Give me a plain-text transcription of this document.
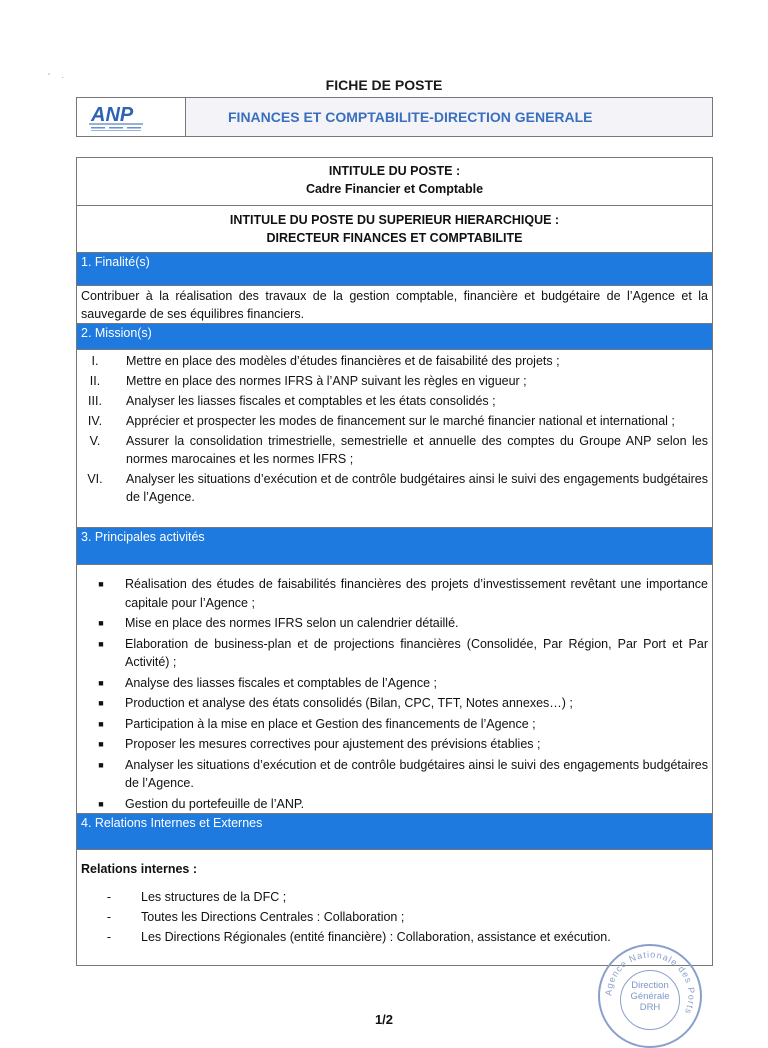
'    ·	FICHE DE POSTE
ANP	FINANCES ET COMPTABILITE-DIRECTION GENERALE
INTITULE DU POSTE :
Cadre Financier et Comptable
INTITULE DU POSTE DU SUPERIEUR HIERARCHIQUE :
DIRECTEUR FINANCES ET COMPTABILITE
1. Finalité(s)
Contribuer à la réalisation des travaux de la gestion comptable, financière et budgétaire de l’Agence et la sauvegarde de ses équilibres financiers.
2. Mission(s)
I.	Mettre en place des modèles d’études financières et de faisabilité des projets ;
II.	Mettre en place des normes IFRS à l’ANP suivant les règles en vigueur ;
III.	Analyser les liasses fiscales et comptables et les états consolidés ;
IV.	Apprécier et prospecter les modes de financement sur le marché financier national et international ;
V.	Assurer la consolidation trimestrielle, semestrielle et annuelle des comptes du Groupe ANP selon les normes marocaines et les normes IFRS ;
VI.	Analyser les situations d’exécution et de contrôle budgétaires ainsi le suivi des engagements budgétaires de l’Agence.
3. Principales activités
■	Réalisation des études de faisabilités financières des projets d’investissement revêtant une importance capitale pour l’Agence ;
■	Mise en place des normes IFRS selon un calendrier détaillé.
■	Elaboration de business-plan et de projections financières (Consolidée, Par Région, Par Port et Par Activité) ;
■	Analyse des liasses fiscales et comptables de l’Agence ;
■	Production et analyse des états consolidés (Bilan, CPC, TFT, Notes annexes…) ;
■	Participation à la mise en place et Gestion des financements de l’Agence ;
■	Proposer les mesures correctives pour ajustement des prévisions établies ;
■	Analyser les situations d’exécution et de contrôle budgétaires ainsi le suivi des engagements budgétaires de l’Agence.
■	Gestion du portefeuille de l’ANP.
4. Relations Internes et Externes
Relations internes :
-	Les structures de la DFC ;
-	Toutes les Directions Centrales : Collaboration ;
-	Les Directions Régionales (entité financière) : Collaboration, assistance et exécution.
Agence Nationale des Ports
Direction
Générale
DRH
1/2
